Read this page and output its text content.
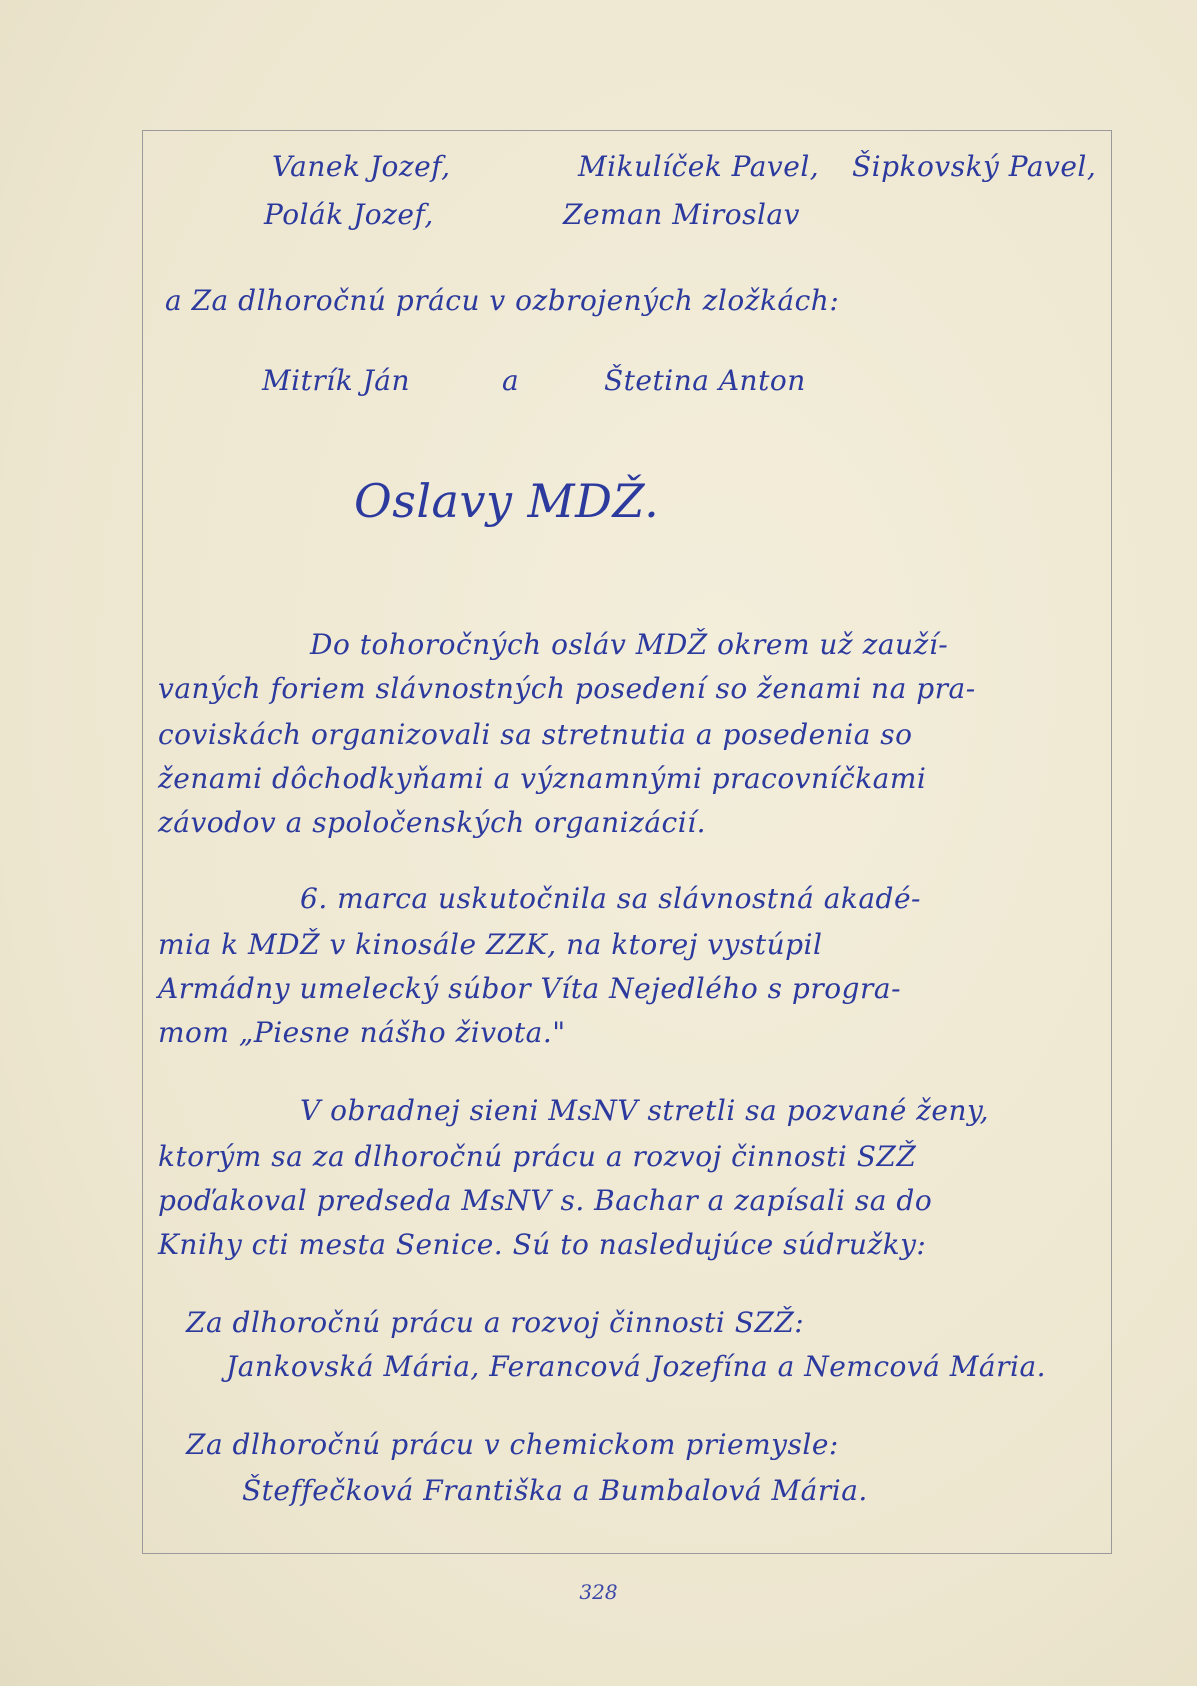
Vanek Jozef,	Mikulíček Pavel, Šipkovský Pavel,
Polák Jozef,	Zeman Miroslav
a Za dlhoročnú prácu v ozbrojených zložkách:
Mitrík Ján	a	Štetina Anton
Oslavy MDŽ.
Do tohoročných osláv MDŽ okrem už zauží-
vaných foriem slávnostných posedení so ženami na pra-
coviskách organizovali sa stretnutia a posedenia so
ženami dôchodkyňami a významnými pracovníčkami
závodov a spoločenských organizácií.
6. marca uskutočnila sa slávnostná akadé-
mia k MDŽ v kinosále ZZK, na ktorej vystúpil
Armádny umelecký súbor Víta Nejedlého s progra-
mom „Piesne nášho života."
V obradnej sieni MsNV stretli sa pozvané ženy,
ktorým sa za dlhoročnú prácu a rozvoj činnosti SZŽ
poďakoval predseda MsNV s. Bachar a zapísali sa do
Knihy cti mesta Senice. Sú to nasledujúce súdružky:
Za dlhoročnú prácu a rozvoj činnosti SZŽ:
Jankovská Mária, Ferancová Jozefína a Nemcová Mária.
Za dlhoročnú prácu v chemickom priemysle:
Šteffečková Františka a Bumbalová Mária.
328
